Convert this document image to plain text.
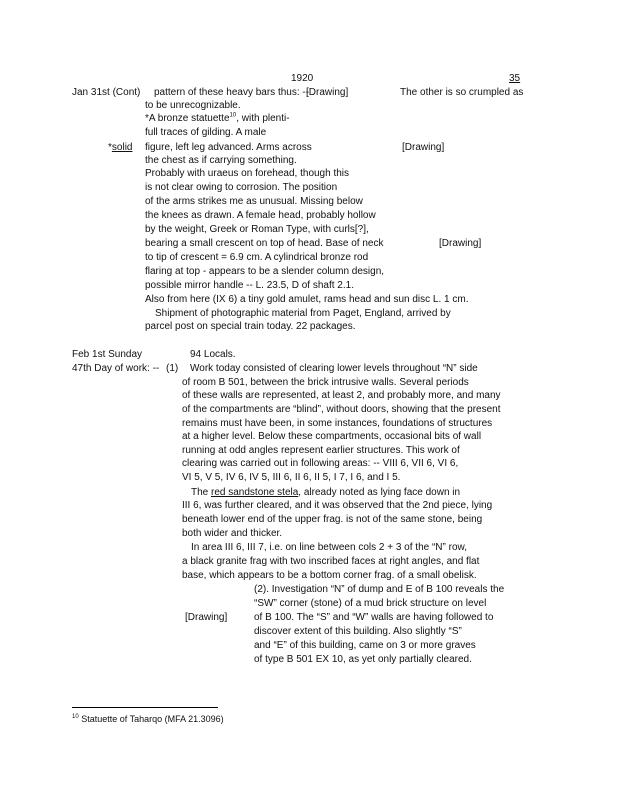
1920	35
Jan 31st (Cont) pattern of these heavy bars thus: --
[Drawing]	The other is so crumpled as
to be unrecognizable.
*A bronze statuette$^{10}$, with plenti-
full traces of gilding. A male
*solid figure, left leg advanced. Arms across	[Drawing]
the chest as if carrying something.
Probably with uraeus on forehead, though this
is not clear owing to corrosion. The position
of the arms strikes me as unusual. Missing below
the knees as drawn. A female head, probably hollow
by the weight, Greek or Roman Type, with curls[?],
bearing a small crescent on top of head. Base of neck	[Drawing]
to tip of crescent = 6.9 cm. A cylindrical bronze rod
flaring at top - appears to be a slender column design,
possible mirror handle -- L. 23.5, D of shaft 2.1.
Also from here (IX 6) a tiny gold amulet, rams head and sun disc L. 1 cm.
Shipment of photographic material from Paget, England, arrived by
parcel post on special train today. 22 packages.
Feb 1st Sunday	94 Locals.
47th Day of work: -- (1) Work today consisted of clearing lower levels throughout “N” side
of room B 501, between the brick intrusive walls. Several periods
of these walls are represented, at least 2, and probably more, and many
of the compartments are “blind”, without doors, showing that the present
remains must have been, in some instances, foundations of structures
at a higher level. Below these compartments, occasional bits of wall
running at odd angles represent earlier structures. This work of
clearing was carried out in following areas: -- VIII 6, VII 6, VI 6,
VI 5, V 5, IV 6, IV 5, III 6, II 6, II 5, I 7, I 6, and I 5.
The red sandstone stela, already noted as lying face down in
III 6, was further cleared, and it was observed that the 2nd piece, lying
beneath lower end of the upper frag. is not of the same stone, being
both wider and thicker.
In area III 6, III 7, i.e. on line between cols 2 + 3 of the “N” row,
a black granite frag with two inscribed faces at right angles, and flat
base, which appears to be a bottom corner frag. of a small obelisk.
(2). Investigation “N” of dump and E of B 100 reveals the
“SW” corner (stone) of a mud brick structure on level
[Drawing]	of B 100. The “S” and “W” walls are having followed to
discover extent of this building. Also slightly “S”
and “E” of this building, came on 3 or more graves
of type B 501 EX 10, as yet only partially cleared.
$^{10}$ Statuette of Taharqo (MFA 21.3096)
